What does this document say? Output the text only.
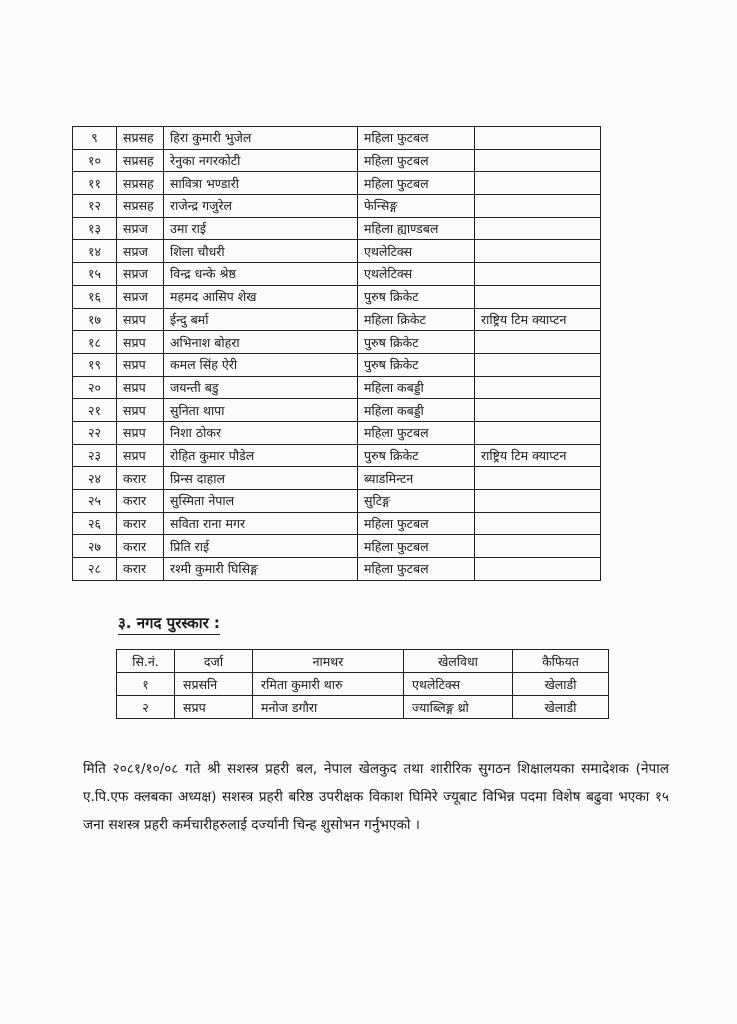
९	सप्रसह	हिरा कुमारी भुजेल	महिला फुटबल	
१०	सप्रसह	रेनुका नगरकोटी	महिला फुटबल	
११	सप्रसह	सावित्रा भण्डारी	महिला फुटबल	
१२	सप्रसह	राजेन्द्र गजुरेल	फेन्सिङ्ग	
१३	सप्रज	उमा राई	महिला ह्याण्डबल	
१४	सप्रज	शिला चौधरी	एथलेटिक्स	
१५	सप्रज	विन्द्र धन्के श्रेष्ठ	एथलेटिक्स	
१६	सप्रज	महमद आसिप शेख	पुरुष क्रिकेट	
१७	सप्रप	ईन्दु बर्मा	महिला क्रिकेट	राष्ट्रिय टिम क्याप्टन
१८	सप्रप	अभिनाश बोहरा	पुरुष क्रिकेट	
१९	सप्रप	कमल सिंह ऐरी	पुरुष क्रिकेट	
२०	सप्रप	जयन्ती बडु	महिला कबड्डी	
२१	सप्रप	सुनिता थापा	महिला कबड्डी	
२२	सप्रप	निशा ठोकर	महिला फुटबल	
२३	सप्रप	रोहित कुमार पौडेल	पुरुष क्रिकेट	राष्ट्रिय टिम क्याप्टन
२४	करार	प्रिन्स दाहाल	ब्याडमिन्टन	
२५	करार	सुस्मिता नेपाल	सुटिङ्ग	
२६	करार	सविता राना मगर	महिला फुटबल	
२७	करार	प्रिति राई	महिला फुटबल	
२८	करार	रश्मी कुमारी घिसिङ्ग	महिला फुटबल	
३. नगद पुरस्कार :
सि.नं.	दर्जा	नामथर	खेलविधा	कैफियत
१	सप्रसनि	रमिता कुमारी थारु	एथलेटिक्स	खेलाडी
२	सप्रप	मनोज डगौरा	ज्याब्लिङ्ग थ्रो	खेलाडी

मिति २०८१/१०/०८ गते श्री सशस्त्र प्रहरी बल, नेपाल खेलकुद तथा शारीरिक सुगठन शिक्षालयका समादेशक (नेपाल ए.पि.एफ क्लबका अध्यक्ष) सशस्त्र प्रहरी बरिष्ठ उपरीक्षक विकाश घिमिरे ज्यूबाट विभिन्न पदमा विशेष बढुवा भएका १५ जना सशस्त्र प्रहरी कर्मचारीहरुलाई दर्ज्यानी चिन्ह शुसोभन गर्नुभएको ।
